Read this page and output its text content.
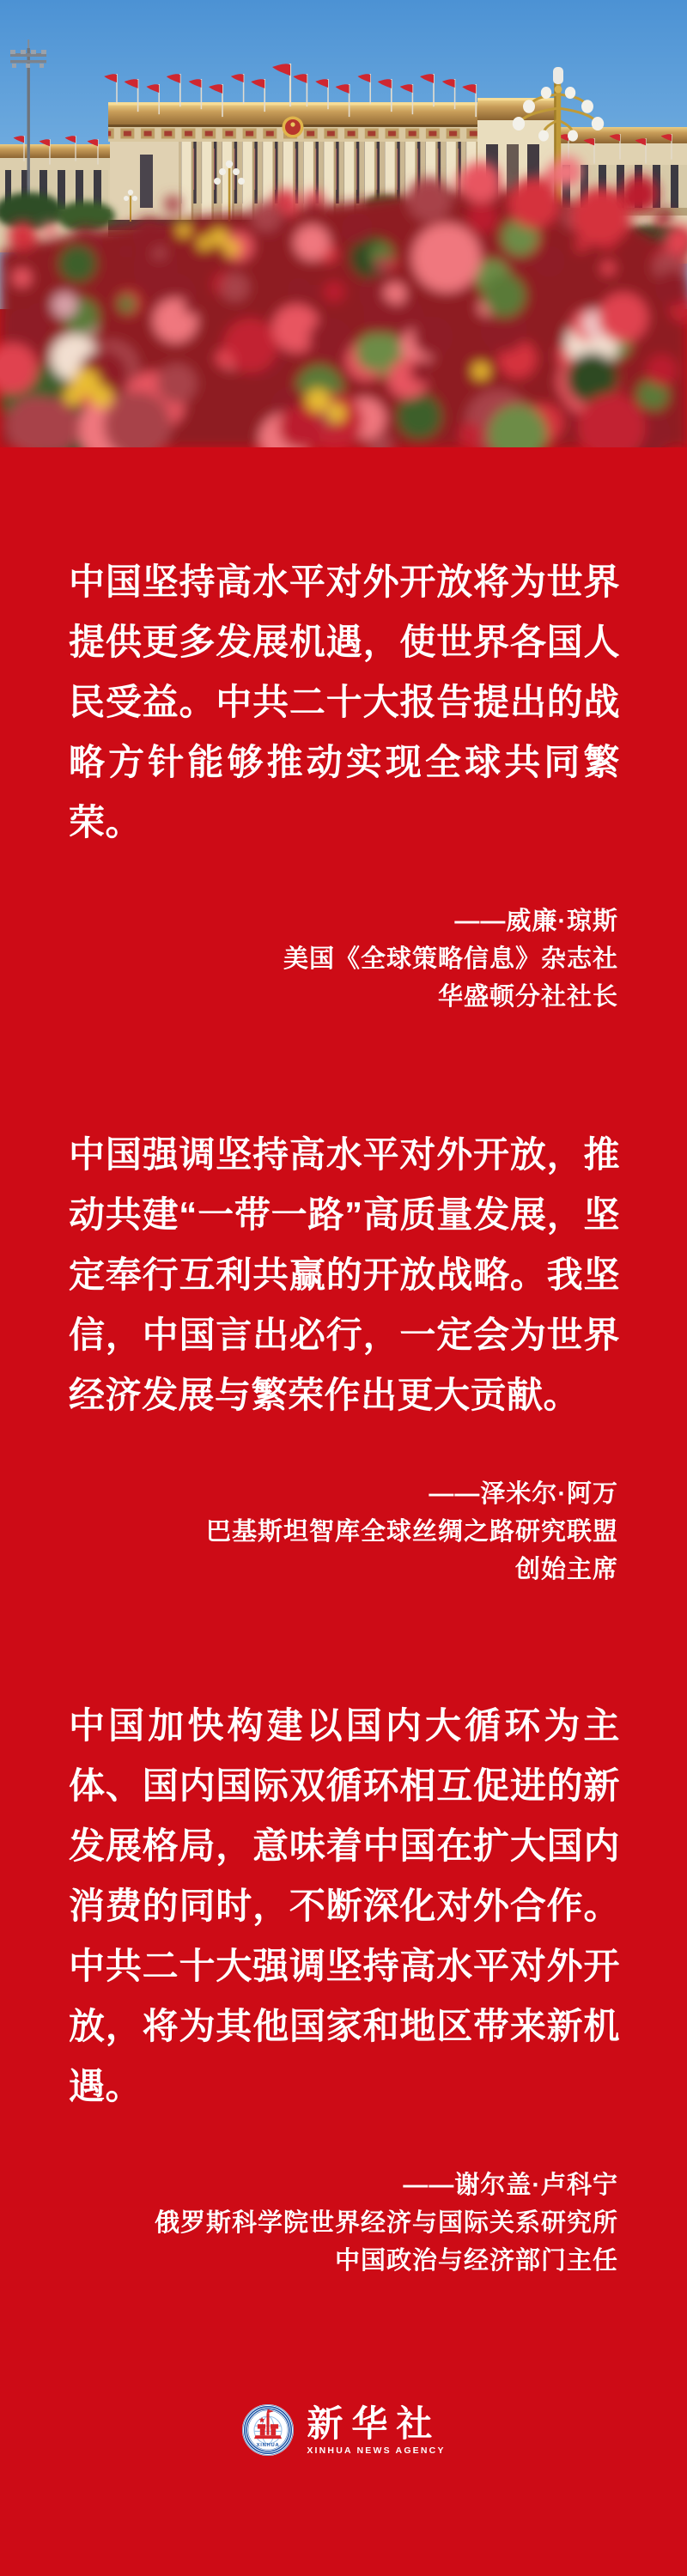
中国坚持高水平对外开放将为世界提供更多发展机遇，使世界各国人民受益。中共二十大报告提出的战略方针能够推动实现全球共同繁荣。

——威廉·琼斯
美国《全球策略信息》杂志社
华盛顿分社社长

中国强调坚持高水平对外开放，推动共建“一带一路”高质量发展，坚定奉行互利共赢的开放战略。我坚信，中国言出必行，一定会为世界经济发展与繁荣作出更大贡献。

——泽米尔·阿万
巴基斯坦智库全球丝绸之路研究联盟
创始主席

中国加快构建以国内大循环为主体、国内国际双循环相互促进的新发展格局，意味着中国在扩大国内消费的同时，不断深化对外合作。中共二十大强调坚持高水平对外开放，将为其他国家和地区带来新机遇。

——谢尔盖·卢科宁
俄罗斯科学院世界经济与国际关系研究所
中国政治与经济部门主任
XINHUA
新华社
XINHUA NEWS AGENCY
